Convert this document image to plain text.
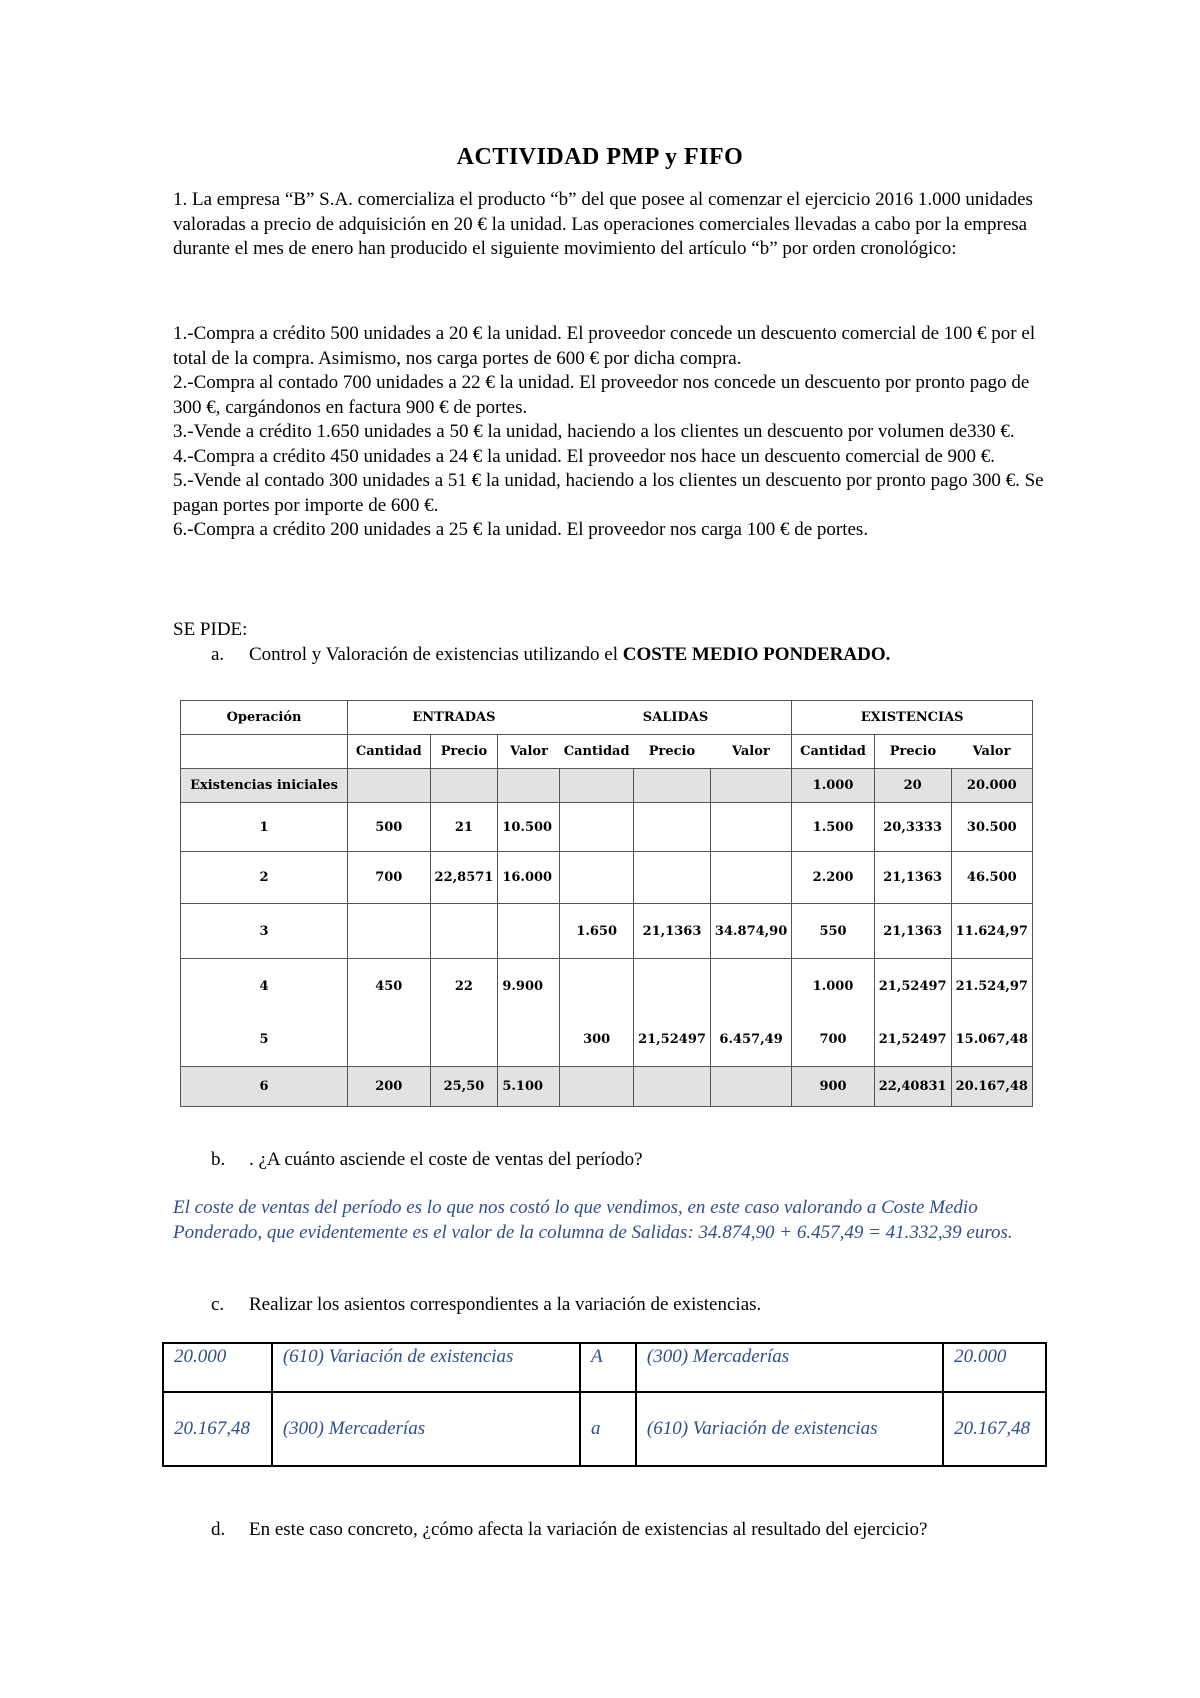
ACTIVIDAD PMP y FIFO
1. La empresa “B” S.A. comercializa el producto “b” del que posee al comenzar el ejercicio 2016 1.000 unidades valoradas a precio de adquisición en 20 € la unidad. Las operaciones comerciales llevadas a cabo por la empresa durante el mes de enero han producido el siguiente movimiento del artículo “b” por orden cronológico:
1.-Compra a crédito 500 unidades a 20 € la unidad. El proveedor concede un descuento comercial de 100 € por el total de la compra. Asimismo, nos carga portes de 600 € por dicha compra.
2.-Compra al contado 700 unidades a 22 € la unidad. El proveedor nos concede un descuento por pronto pago de 300 €, cargándonos en factura 900 € de portes.
3.-Vende a crédito 1.650 unidades a 50 € la unidad, haciendo a los clientes un descuento por volumen de330 €.
4.-Compra a crédito 450 unidades a 24 € la unidad. El proveedor nos hace un descuento comercial de 900 €.
5.-Vende al contado 300 unidades a 51 € la unidad, haciendo a los clientes un descuento por pronto pago 300 €. Se pagan portes por importe de 600 €.
6.-Compra a crédito 200 unidades a 25 € la unidad. El proveedor nos carga 100 € de portes.
SE PIDE:
a. Control y Valoración de existencias utilizando el COSTE MEDIO PONDERADO.
Operación	ENTRADAS			SALIDAS			EXISTENCIAS		
	Cantidad	Precio	Valor	Cantidad	Precio	Valor	Cantidad	Precio	Valor
Existencias iniciales							1.000	20	20.000
1	500	21	10.500				1.500	20,3333	30.500
2	700	22,8571	16.000				2.200	21,1363	46.500
3				1.650	21,1363	34.874,90	550	21,1363	11.624,97
4	450	22	9.900				1.000	21,52497	21.524,97
5				300	21,52497	6.457,49	700	21,52497	15.067,48
6	200	25,50	5.100				900	22,40831	20.167,48
b. . ¿A cuánto asciende el coste de ventas del período?
El coste de ventas del período es lo que nos costó lo que vendimos, en este caso valorando a Coste Medio Ponderado, que evidentemente es el valor de la columna de Salidas: 34.874,90 + 6.457,49 = 41.332,39 euros.
c. Realizar los asientos correspondientes a la variación de existencias.
20.000	(610) Variación de existencias	A	(300) Mercaderías	20.000
20.167,48	(300) Mercaderías	a	(610) Variación de existencias	20.167,48
d. En este caso concreto, ¿cómo afecta la variación de existencias al resultado del ejercicio?
